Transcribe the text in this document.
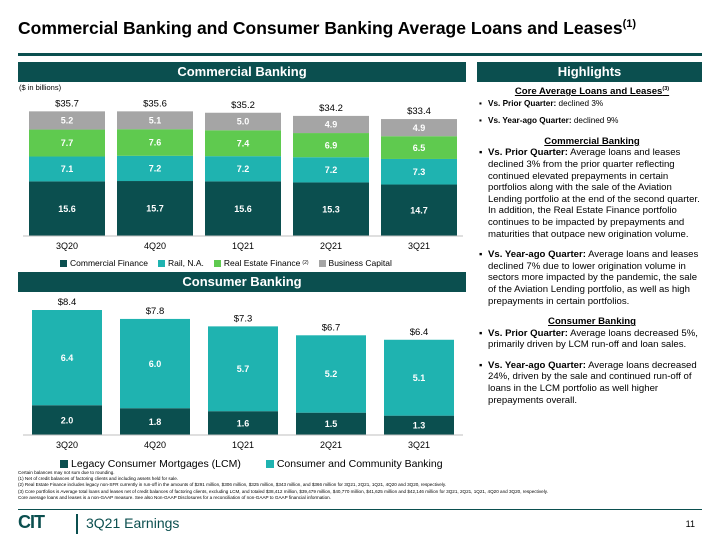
Commercial Banking and Consumer Banking Average Loans and Leases$^{(1)}$
Commercial Banking
($ in billions)
15.6
7.1
7.7
5.2
$35.7
3Q20
15.7
7.2
7.6
5.1
$35.6
4Q20
15.6
7.2
7.4
5.0
$35.2
1Q21
15.3
7.2
6.9
4.9
$34.2
2Q21
14.7
7.3
6.5
4.9
$33.4
3Q21
Commercial Finance Rail, N.A. Real Estate Finance (2) Business Capital
Consumer Banking
2.0
6.4
$8.4
3Q20
1.8
6.0
$7.8
4Q20
1.6
5.7
$7.3
1Q21
1.5
5.2
$6.7
2Q21
1.3
5.1
$6.4
3Q21
Legacy Consumer Mortgages (LCM)	Consumer and Community Banking
Highlights
Core Average Loans and Leases$^{(3)}$
▪ Vs. Prior Quarter: declined 3%
▪ Vs. Year-ago Quarter: declined 9%
Commercial Banking
▪ Vs. Prior Quarter: Average loans and leases declined 3% from the prior quarter reflecting continued elevated prepayments in certain portfolios along with the sale of the Aviation Lending portfolio at the end of the second quarter. In addition, the Real Estate Finance portfolio continues to be impacted by prepayments and maturities that outpace new origination volume.
▪ Vs. Year-ago Quarter: Average loans and leases declined 7% due to lower origination volume in sectors more impacted by the pandemic, the sale of the Aviation Lending portfolio, as well as high prepayments in certain portfolios.
Consumer Banking
▪ Vs. Prior Quarter: Average loans decreased 5%, primarily driven by LCM run-off and loan sales.
▪ Vs. Year-ago Quarter: Average loans decreased 24%, driven by the sale and continued run-off of loans in the LCM portfolio as well higher prepayments overall.
Certain balances may not sum due to rounding.
(1) Net of credit balances of factoring clients and including assets held for sale.
(2) Real Estate Finance includes legacy non-SFR currently in run-off in the amounts of $291 million, $306 million, $325 million, $343 million, and $366 million for 3Q21, 2Q21, 1Q21, 4Q20 and 3Q20, respectively.
(3) Core portfolios is Average total loans and leases net of credit balances of factoring clients, excluding LCM, and totaled $38,412 million, $39,479 million, $40,770 million, $41,625 million and $42,146 million for 3Q21, 2Q21, 1Q21, 4Q20 and 3Q20, respectively.
Core average loans and leases is a non-GAAP measure. See also Non-GAAP Disclosures for a reconciliation of non-GAAP to GAAP financial information.
CIT	3Q21 Earnings	11
